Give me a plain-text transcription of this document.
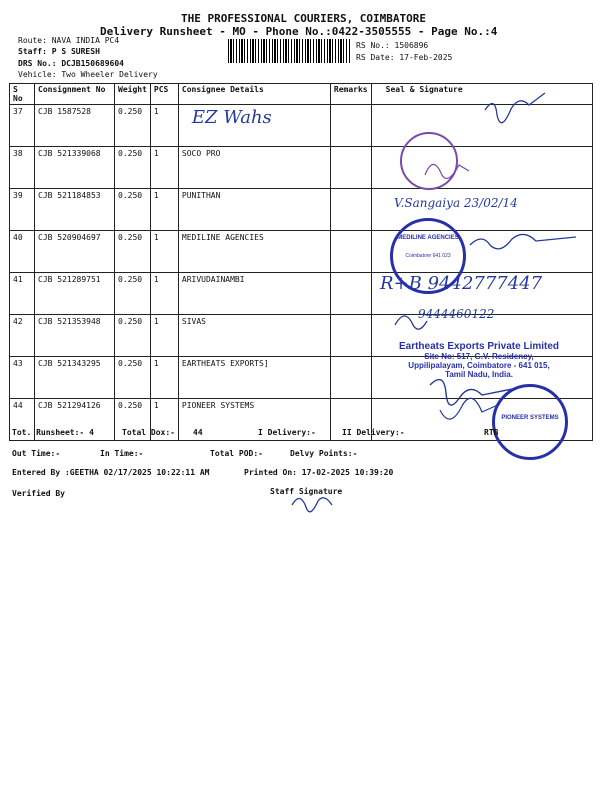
THE PROFESSIONAL COURIERS, COIMBATORE
Delivery Runsheet - MO - Phone No.:0422-3505555 - Page No.:4
Route: NAVA INDIA PC4
Staff: P S SURESH
DRS No.: DCJB150689604
Vehicle: Two Wheeler Delivery
RS No.: 1506896
RS Date: 17-Feb-2025
S No	Consignment No	Weight	PCS	Consignee Details	Remarks	Seal & Signature
37	CJB 1587528	0.250	1	EZ Wahs		
38	CJB 521339068	0.250	1	SOCO PRO		
39	CJB 521184853	0.250	1	PUNITHAN		
40	CJB 520904697	0.250	1	MEDILINE AGENCIES		
41	CJB 521289751	0.250	1	ARIVUDAINAMBI		
42	CJB 521353948	0.250	1	SIVAS		
43	CJB 521343295	0.250	1	EARTHEATS EXPORTS]		
44	CJB 521294126	0.250	1	PIONEER SYSTEMS		
V.Sangaiya 23/02/14
R+B 9442777447
9444460122
MEDILINE AGENCIES
Coimbatore 641 023
Eartheats Exports Private Limited
Site No: 517, G.V. Residency,
Uppilipalayam, Coimbatore - 641 015,
Tamil Nadu, India.
PIONEER SYSTEMS
Tot. Runsheet:- 4	Total Dox:- 44	I Delivery:-	II Delivery:-	RTB
Out Time:-	In Time:-	Total POD:-	Delvy Points:-
Entered By :GEETHA 02/17/2025 10:22:11 AM	Printed On: 17-02-2025 10:39:20
Verified By	Staff Signature
